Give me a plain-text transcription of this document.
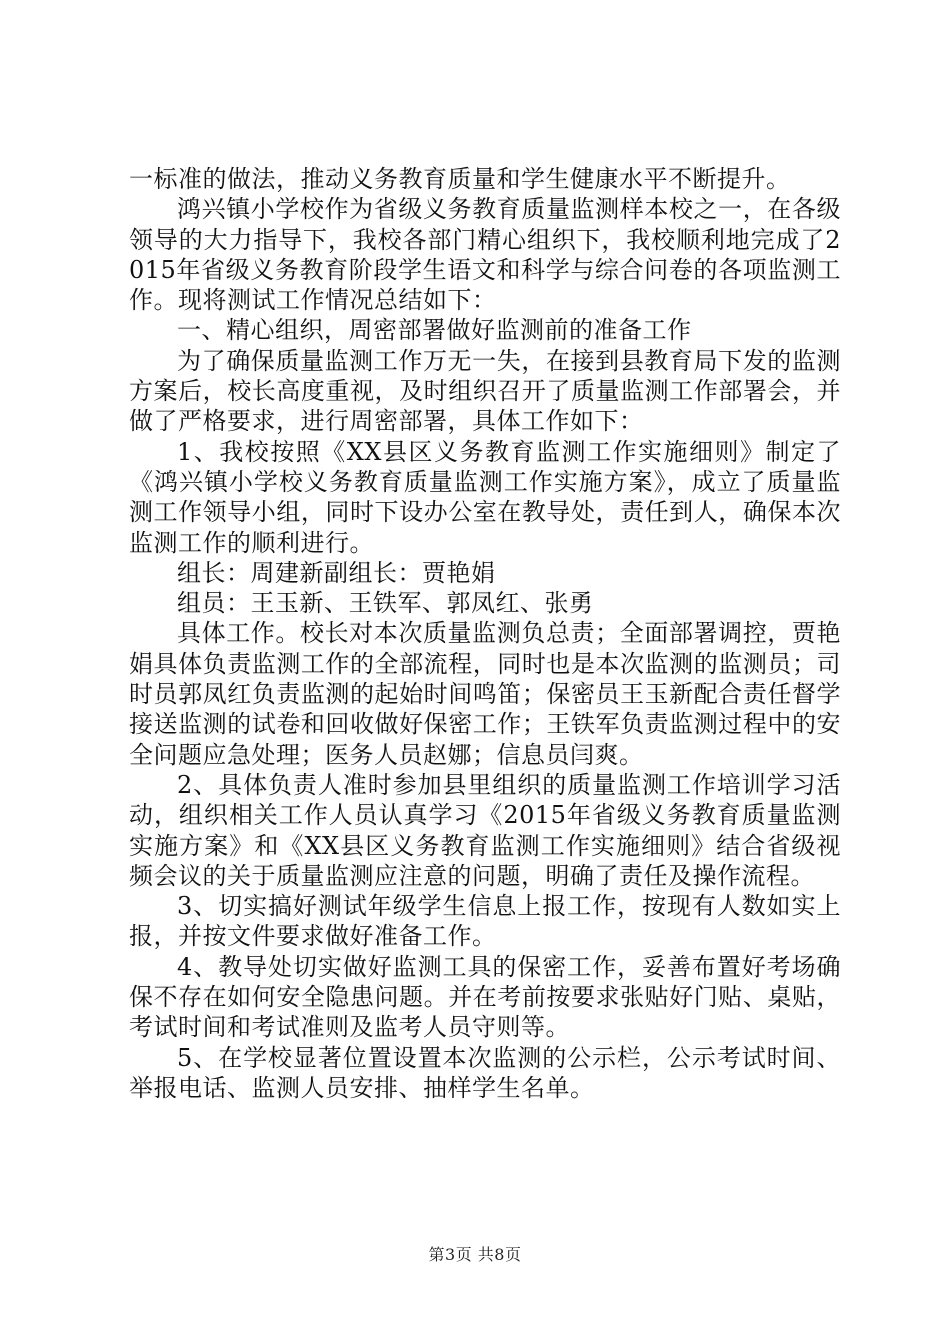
一标准的做法，推动义务教育质量和学生健康水平不断提升。

鸿兴镇小学校作为省级义务教育质量监测样本校之一，在各级领导的大力指导下，我校各部门精心组织下，我校顺利地完成了2015年省级义务教育阶段学生语文和科学与综合问卷的各项监测工作。现将测试工作情况总结如下：

一、精心组织，周密部署做好监测前的准备工作

为了确保质量监测工作万无一失，在接到县教育局下发的监测方案后，校长高度重视，及时组织召开了质量监测工作部署会，并做了严格要求，进行周密部署，具体工作如下：

1、我校按照《XX县区义务教育监测工作实施细则》制定了《鸿兴镇小学校义务教育质量监测工作实施方案》，成立了质量监测工作领导小组，同时下设办公室在教导处，责任到人，确保本次监测工作的顺利进行。

组长：周建新副组长：贾艳娟

组员：王玉新、王铁军、郭凤红、张勇

具体工作。校长对本次质量监测负总责；全面部署调控，贾艳娟具体负责监测工作的全部流程，同时也是本次监测的监测员；司时员郭凤红负责监测的起始时间鸣笛；保密员王玉新配合责任督学接送监测的试卷和回收做好保密工作；王铁军负责监测过程中的安全问题应急处理；医务人员赵娜；信息员闫爽。

2、具体负责人准时参加县里组织的质量监测工作培训学习活动，组织相关工作人员认真学习《2015年省级义务教育质量监测实施方案》和《XX县区义务教育监测工作实施细则》结合省级视频会议的关于质量监测应注意的问题，明确了责任及操作流程。

3、切实搞好测试年级学生信息上报工作，按现有人数如实上报，并按文件要求做好准备工作。

4、教导处切实做好监测工具的保密工作，妥善布置好考场确保不存在如何安全隐患问题。并在考前按要求张贴好门贴、桌贴，考试时间和考试准则及监考人员守则等。

5、在学校显著位置设置本次监测的公示栏，公示考试时间、举报电话、监测人员安排、抽样学生名单。

第3页 共8页
